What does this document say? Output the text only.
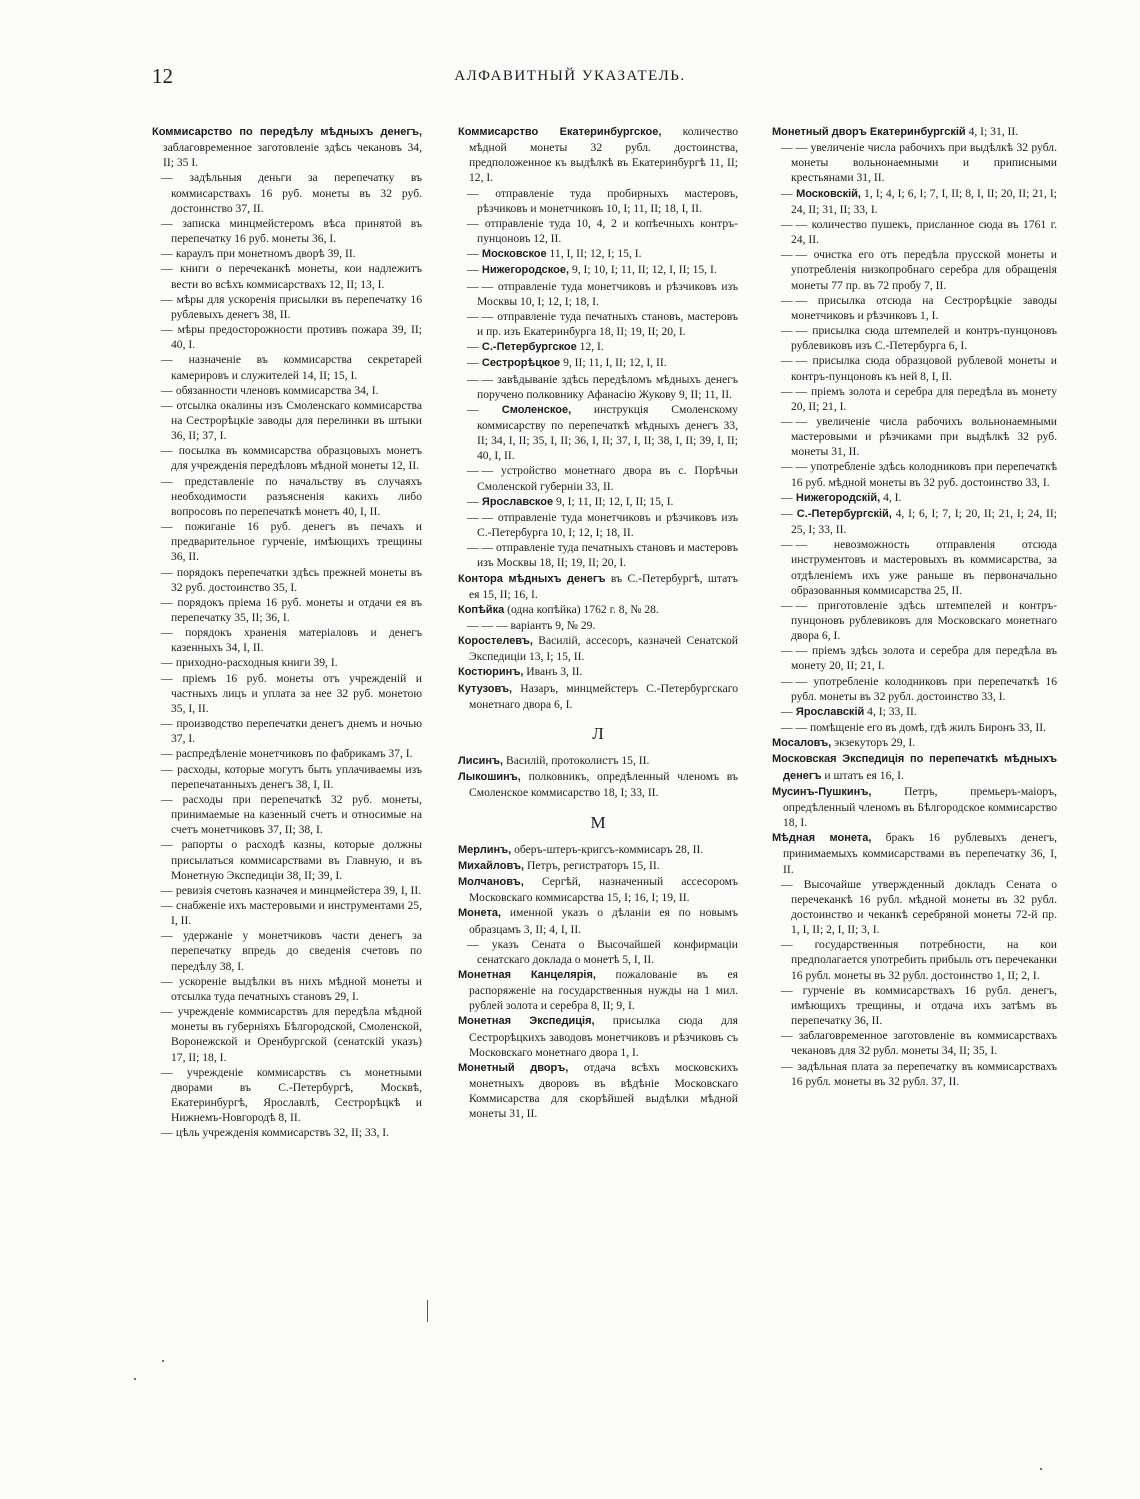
12	АЛФАВИТНЫЙ УКАЗАТЕЛЬ.

Коммисарство по передѣлу мѣдныхъ денегъ, заблаговременное заготовленіе здѣсь чекановъ 34, II; 35 I.

— задѣльныя деньги за перепечатку въ коммисарствахъ 16 руб. монеты въ 32 руб. достоинство 37, II.

— записка минцмейстеромъ вѣса принятой въ перепечатку 16 руб. монеты 36, I.

— караулъ при монетномъ дворѣ 39, II.

— книги о перечеканкѣ монеты, кои надлежитъ вести во всѣхъ коммисарствахъ 12, II; 13, I.

— мѣры для ускоренія присылки въ перепечатку 16 рублевыхъ денегъ 38, II.

— мѣры предосторожности противъ пожара 39, II; 40, I.

— назначеніе въ коммисарства секретарей камерировъ и служителей 14, II; 15, I.

— обязанности членовъ коммисарства 34, I.

— отсылка окалины изъ Смоленскаго коммисарства на Сестрорѣцкіе заводы для перелинки въ штыки 36, II; 37, I.

— посылка въ коммисарства образцовыхъ монетъ для учрежденія передѣловъ мѣдной монеты 12, II.

— представленіе по начальству въ случаяхъ необходимости разъясненія какихъ либо вопросовъ по перепечаткѣ монетъ 40, I, II.

— пожиганіе 16 руб. денегъ въ печахъ и предварительное гурченіе, имѣющихъ трещины 36, II.

— порядокъ перепечатки здѣсь прежней монеты въ 32 руб. достоинство 35, I.

— порядокъ пріема 16 руб. монеты и отдачи ея въ перепечатку 35, II; 36, I.

— порядокъ храненія матеріаловъ и денегъ казенныхъ 34, I, II.

— приходно-расходныя книги 39, I.

— пріемъ 16 руб. монеты отъ учрежденій и частныхъ лицъ и уплата за нее 32 руб. монетою 35, I, II.

— производство перепечатки денегъ днемъ и ночью 37, I.

— распредѣленіе монетчиковъ по фабрикамъ 37, I.

— расходы, которые могутъ быть уплачиваемы изъ перепечатанныхъ денегъ 38, I, II.

— расходы при перепечаткѣ 32 руб. монеты, принимаемые на казенный счетъ и относимые на счетъ монетчиковъ 37, II; 38, I.

— рапорты о расходѣ казны, которые должны присылаться коммисарствами въ Главную, и въ Монетную Экспедиціи 38, II; 39, I.

— ревизія счетовъ казначея и минцмейстера 39, I, II.

— снабженіе ихъ мастеровыми и инструментами 25, I, II.

— удержаніе у монетчиковъ части денегъ за перепечатку впредь до сведенія счетовъ по передѣлу 38, I.

— ускореніе выдѣлки въ нихъ мѣдной монеты и отсылка туда печатныхъ становъ 29, I.

— учрежденіе коммисарствъ для передѣла мѣдной монеты въ губерніяхъ Бѣлгородской, Смоленской, Воронежской и Оренбургской (сенатскій указъ) 17, II; 18, I.

— учрежденіе коммисарствъ съ монетными дворами въ С.-Петербургѣ, Москвѣ, Екатеринбургѣ, Ярославлѣ, Сестрорѣцкѣ и Нижнемъ-Новгородѣ 8, II.

— цѣль учрежденія коммисарствъ 32, II; 33, I.

Коммисарство Екатеринбургское, количество мѣдной монеты 32 рубл. достоинства, предположенное къ выдѣлкѣ въ Екатеринбургѣ 11, II; 12, I.

— отправленіе туда пробирныхъ мастеровъ, рѣзчиковъ и монетчиковъ 10, I; 11, II; 18, I, II.

— отправленіе туда 10, 4, 2 и копѣечныхъ контръ-пунцоновъ 12, II.

— Московское 11, I, II; 12, I; 15, I.

— Нижегородское, 9, I; 10, I; 11, II; 12, I, II; 15, I.

— — отправленіе туда монетчиковъ и рѣзчиковъ изъ Москвы 10, I; 12, I; 18, I.

— — отправленіе туда печатныхъ становъ, мастеровъ и пр. изъ Екатеринбурга 18, II; 19, II; 20, I.

— С.-Петербургское 12, I.

— Сестрорѣцкое 9, II; 11, I, II; 12, I, II.

— — завѣдываніе здѣсь передѣломъ мѣдныхъ денегъ поручено полковнику Афанасію Жукову 9, II; 11, II.

— Смоленское, инструкція Смоленскому коммисарству по перепечаткѣ мѣдныхъ денегъ 33, II; 34, I, II; 35, I, II; 36, I, II; 37, I, II; 38, I, II; 39, I, II; 40, I, II.

— — устройство монетнаго двора въ с. Порѣчьи Смоленской губерніи 33, II.

— Ярославское 9, I; 11, II; 12, I, II; 15, I.

— — отправленіе туда монетчиковъ и рѣзчиковъ изъ С.-Петербурга 10, I; 12, I; 18, II.

— — отправленіе туда печатныхъ становъ и мастеровъ изъ Москвы 18, II; 19, II; 20, I.

Контора мѣдныхъ денегъ въ С.-Петербургѣ, штатъ ея 15, II; 16, I.

Копѣйка (одна копѣйка) 1762 г. 8, № 28.

— — — варіантъ 9, № 29.

Коростелевъ, Василій, ассесоръ, казначей Сенатской Экспедиціи 13, I; 15, II.

Костюринъ, Иванъ 3, II.

Кутузовъ, Назаръ, минцмейстеръ С.-Петербургскаго монетнаго двора 6, I.

Л

Лисинъ, Василій, протоколистъ 15, II.

Лыкошинъ, полковникъ, опредѣленный членомъ въ Смоленское коммисарство 18, I; 33, II.

М

Мерлинъ, оберъ-штеръ-кригсъ-коммисаръ 28, II.

Михайловъ, Петръ, регистраторъ 15, II.

Молчановъ, Сергѣй, назначенный ассесоромъ Московскаго коммисарства 15, I; 16, I; 19, II.

Монета, именной указъ о дѣланіи ея по новымъ образцамъ 3, II; 4, I, II.

— указъ Сената о Высочайшей конфирмаціи сенатскаго доклада о монетѣ 5, I, II.

Монетная Канцелярія, пожалованіе въ ея распоряженіе на государственныя нужды на 1 мил. рублей золота и серебра 8, II; 9, I.

Монетная Экспедиція, присылка сюда для Сестрорѣцкихъ заводовъ монетчиковъ и рѣзчиковъ съ Московскаго монетнаго двора 1, I.

Монетный дворъ, отдача всѣхъ московскихъ монетныхъ дворовъ въ вѣдѣніе Московскаго Коммисарства для скорѣйшей выдѣлки мѣдной монеты 31, II.

Монетный дворъ Екатеринбургскій 4, I; 31, II.

— — увеличеніе числа рабочихъ при выдѣлкѣ 32 рубл. монеты вольнонаемными и приписными крестьянами 31, II.

— Московскій, 1, I; 4, I; 6, I; 7, I, II; 8, I, II; 20, II; 21, I; 24, II; 31, II; 33, I.

— — количество пушекъ, присланное сюда въ 1761 г. 24, II.

— — очистка его отъ передѣла прусской монеты и употребленія низкопробнаго серебра для обращенія монеты 77 пр. въ 72 пробу 7, II.

— — присылка отсюда на Сестрорѣцкіе заводы монетчиковъ и рѣзчиковъ 1, I.

— — присылка сюда штемпелей и контръ-пунцоновъ рублевиковъ изъ С.-Петербурга 6, I.

— — присылка сюда образцовой рублевой монеты и контръ-пунцоновъ къ ней 8, I, II.

— — пріемъ золота и серебра для передѣла въ монету 20, II; 21, I.

— — увеличеніе числа рабочихъ вольнонаемными мастеровыми и рѣзчиками при выдѣлкѣ 32 руб. монеты 31, II.

— — употребленіе здѣсь колодниковъ при перепечаткѣ 16 руб. мѣдной монеты въ 32 руб. достоинство 33, I.

— Нижегородскій, 4, I.

— С.-Петербургскій, 4, I; 6, I; 7, I; 20, II; 21, I; 24, II; 25, I; 33, II.

— — невозможность отправленія отсюда инструментовъ и мастеровыхъ въ коммисарства, за отдѣленіемъ ихъ уже раньше въ первоначально образованныя коммисарства 25, II.

— — приготовленіе здѣсь штемпелей и контръ-пунцоновъ рублевиковъ для Московскаго монетнаго двора 6, I.

— — пріемъ здѣсь золота и серебра для передѣла въ монету 20, II; 21, I.

— — употребленіе колодниковъ при перепечаткѣ 16 рубл. монеты въ 32 рубл. достоинство 33, I.

— Ярославскій 4, I; 33, II.

— — помѣщеніе его въ домѣ, гдѣ жилъ Биронъ 33, II.

Мосаловъ, экзекуторъ 29, I.

Московская Экспедиція по перепечаткѣ мѣдныхъ денегъ и штатъ ея 16, I.

Мусинъ-Пушкинъ, Петръ, премьеръ-маіоръ, опредѣленный членомъ въ Бѣлгородское коммисарство 18, I.

Мѣдная монета, бракъ 16 рублевыхъ денегъ, принимаемыхъ коммисарствами въ перепечатку 36, I, II.

— Высочайше утвержденный докладъ Сената о перечеканкѣ 16 рубл. мѣдной монеты въ 32 рубл. достоинство и чеканкѣ серебряной монеты 72-й пр. 1, I, II; 2, I, II; 3, I.

— государственныя потребности, на кои предполагается употребить прибыль отъ перечеканки 16 рубл. монеты въ 32 рубл. достоинство 1, II; 2, I.

— гурченіе въ коммисарствахъ 16 рубл. денегъ, имѣющихъ трещины, и отдача ихъ затѣмъ въ перепечатку 36, II.

— заблаговременное заготовленіе въ коммисарствахъ чекановъ для 32 рубл. монеты 34, II; 35, I.

— задѣльная плата за перепечатку въ коммисарствахъ 16 рубл. монеты въ 32 рубл. 37, II.
